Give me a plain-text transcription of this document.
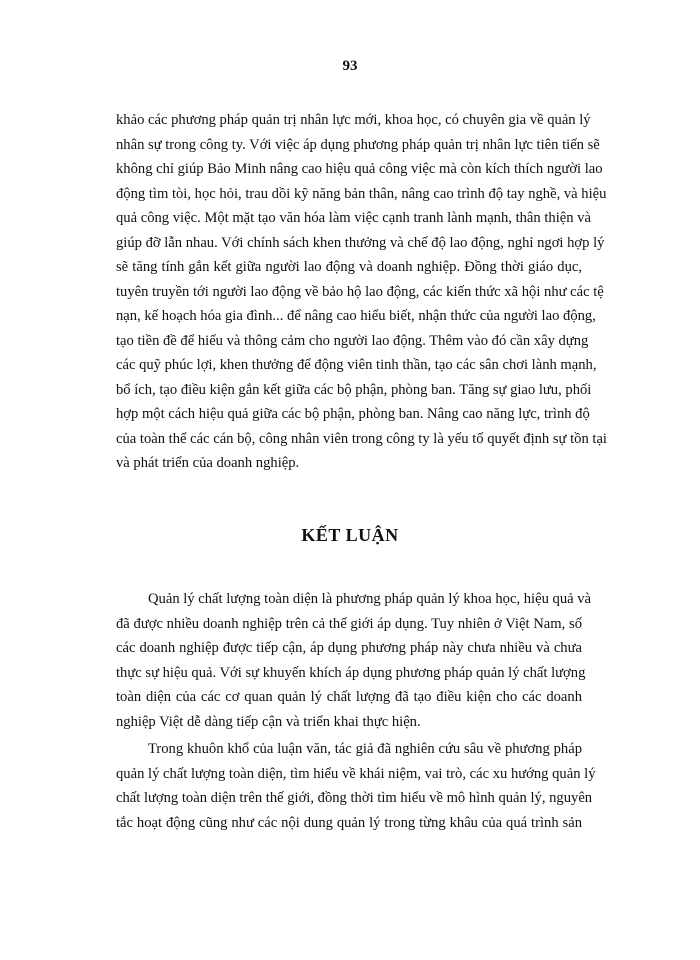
93
khảo các phương pháp quản trị nhân lực mới, khoa học, có chuyên gia về quản lý
nhân sự trong công ty. Với việc áp dụng phương pháp quản trị nhân lực tiên tiến sẽ
không chỉ giúp Bảo Minh nâng cao hiệu quả công việc mà còn kích thích người lao
động tìm tòi, học hỏi, trau dồi kỹ năng bản thân, nâng cao trình độ tay nghề, và hiệu
quả công việc. Một mặt tạo văn hóa làm việc cạnh tranh lành mạnh, thân thiện và
giúp đỡ lẫn nhau. Với chính sách khen thưởng và chế độ lao động, nghỉ ngơi hợp lý
sẽ tăng tính gắn kết giữa người lao động và doanh nghiệp. Đồng thời giáo dục,
tuyên truyền tới người lao động về bảo hộ lao động, các kiến thức xã hội như các tệ
nạn, kế hoạch hóa gia đình... để nâng cao hiểu biết, nhận thức của người lao động,
tạo tiền đề để hiểu và thông cảm cho người lao động. Thêm vào đó cần xây dựng
các quỹ phúc lợi, khen thưởng để động viên tinh thần, tạo các sân chơi lành mạnh,
bổ ích, tạo điều kiện gắn kết giữa các bộ phận, phòng ban. Tăng sự giao lưu, phối
hợp một cách hiệu quả giữa các bộ phận, phòng ban. Nâng cao năng lực, trình độ
của toàn thể các cán bộ, công nhân viên trong công ty là yếu tố quyết định sự tồn tại
và phát triển của doanh nghiệp.
KẾT LUẬN
Quản lý chất lượng toàn diện là phương pháp quản lý khoa học, hiệu quả và
đã được nhiều doanh nghiệp trên cả thế giới áp dụng. Tuy nhiên ở Việt Nam, số
các doanh nghiệp được tiếp cận, áp dụng phương pháp này chưa nhiều và chưa
thực sự hiệu quả. Với sự khuyến khích áp dụng phương pháp quản lý chất lượng
toàn diện của các cơ quan quản lý chất lượng đã tạo điều kiện cho các doanh
nghiệp Việt dễ dàng tiếp cận và triển khai thực hiện.
Trong khuôn khổ của luận văn, tác giả đã nghiên cứu sâu về phương pháp
quản lý chất lượng toàn diện, tìm hiểu về khái niệm, vai trò, các xu hướng quản lý
chất lượng toàn diện trên thế giới, đồng thời tìm hiểu về mô hình quản lý, nguyên
tắc hoạt động cũng như các nội dung quản lý trong từng khâu của quá trình sản
